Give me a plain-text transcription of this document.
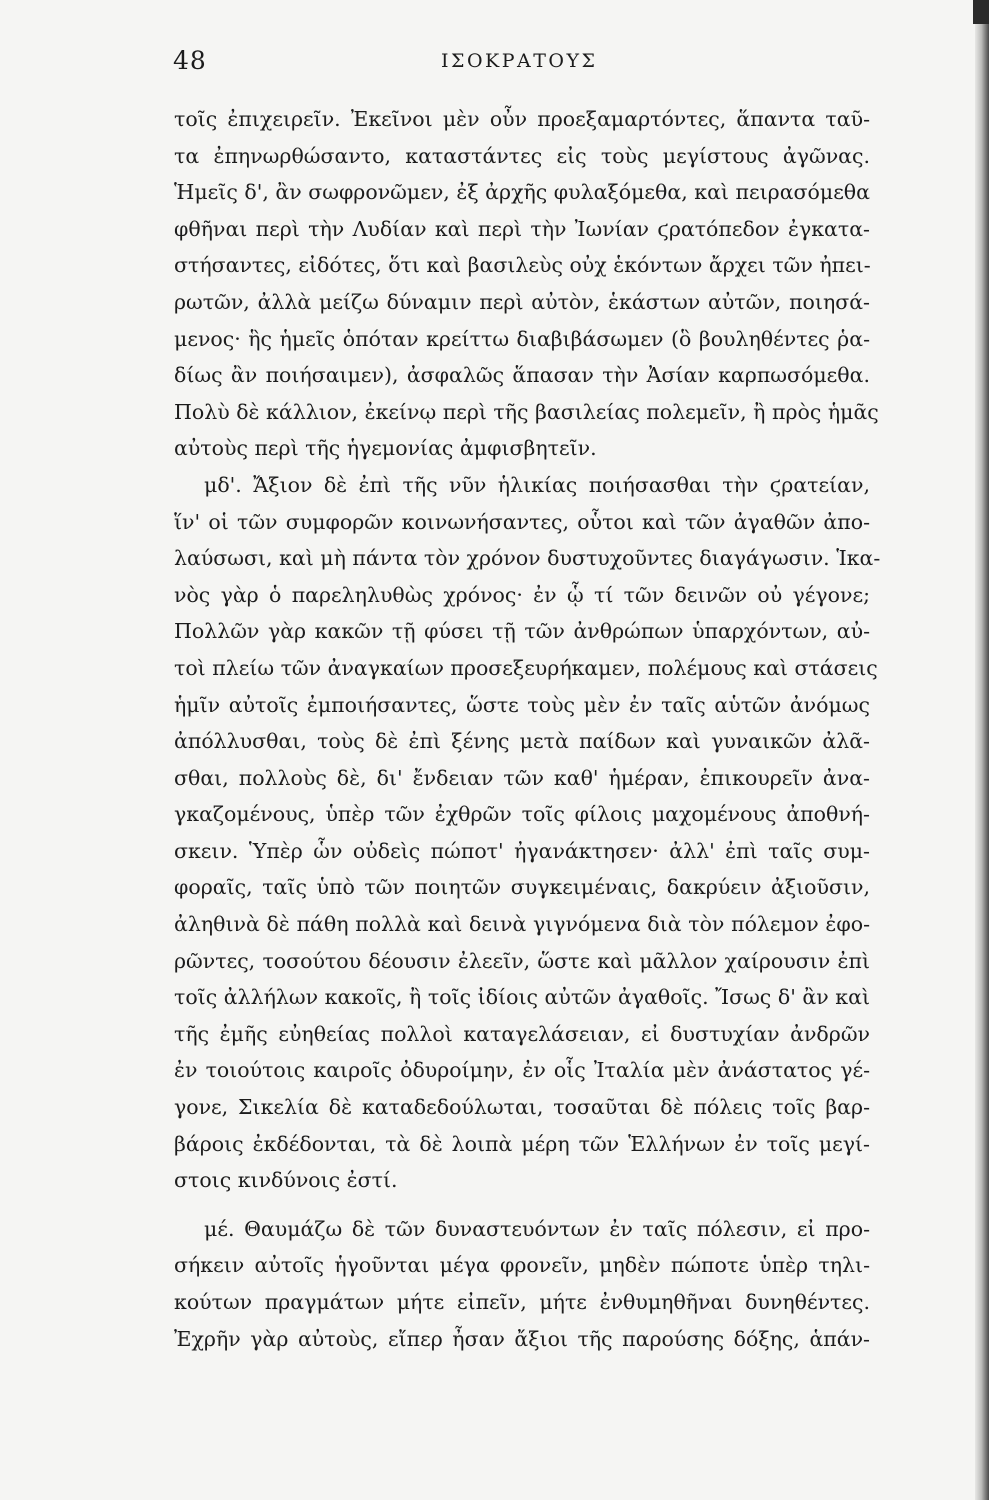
48	ΙΣΟΚΡΑΤΟΥΣ
τοῖς ἐπιχειρεῖν. Ἐκεῖνοι μὲν οὖν προεξαμαρτόντες, ἅπαντα ταῦ-
τα ἐπηνωρθώσαντο, καταστάντες εἰς τοὺς μεγίστους ἀγῶνας.
Ἡμεῖς δ', ἂν σωφρονῶμεν, ἐξ ἀρχῆς φυλαξόμεθα, καὶ πειρασόμεθα
φθῆναι περὶ τὴν Λυδίαν καὶ περὶ τὴν Ἰωνίαν ϛρατόπεδον ἐγκατα-
στήσαντες, εἰδότες, ὅτι καὶ βασιλεὺς οὐχ ἑκόντων ἄρχει τῶν ἠπει-
ρωτῶν, ἀλλὰ μείζω δύναμιν περὶ αὐτὸν, ἑκάστων αὐτῶν, ποιησά-
μενος· ἣς ἡμεῖς ὁπόταν κρείττω διαβιβάσωμεν (ὃ βουληθέντες ῥα-
δίως ἂν ποιήσαιμεν), ἀσφαλῶς ἅπασαν τὴν Ἀσίαν καρπωσόμεθα.
Πολὺ δὲ κάλλιον, ἐκείνῳ περὶ τῆς βασιλείας πολεμεῖν, ἢ πρὸς ἡμᾶς
αὐτοὺς περὶ τῆς ἡγεμονίας ἀμφισβητεῖν.
μδ'. Ἄξιον δὲ ἐπὶ τῆς νῦν ἡλικίας ποιήσασθαι τὴν ϛρατείαν,
ἵν' οἱ τῶν συμφορῶν κοινωνήσαντες, οὗτοι καὶ τῶν ἀγαθῶν ἀπο-
λαύσωσι, καὶ μὴ πάντα τὸν χρόνον δυστυχοῦντες διαγάγωσιν. Ἱκα-
νὸς γὰρ ὁ παρεληλυθὼς χρόνος· ἐν ᾧ τί τῶν δεινῶν οὐ γέγονε;
Πολλῶν γὰρ κακῶν τῇ φύσει τῇ τῶν ἀνθρώπων ὑπαρχόντων, αὐ-
τοὶ πλείω τῶν ἀναγκαίων προσεξευρήκαμεν, πολέμους καὶ στάσεις
ἡμῖν αὐτοῖς ἐμποιήσαντες, ὥστε τοὺς μὲν ἐν ταῖς αὑτῶν ἀνόμως
ἀπόλλυσθαι, τοὺς δὲ ἐπὶ ξένης μετὰ παίδων καὶ γυναικῶν ἀλᾶ-
σθαι, πολλοὺς δὲ, δι' ἔνδειαν τῶν καθ' ἡμέραν, ἐπικουρεῖν ἀνα-
γκαζομένους, ὑπὲρ τῶν ἐχθρῶν τοῖς φίλοις μαχομένους ἀποθνή-
σκειν. Ὑπὲρ ὧν οὐδεὶς πώποτ' ἠγανάκτησεν· ἀλλ' ἐπὶ ταῖς συμ-
φοραῖς, ταῖς ὑπὸ τῶν ποιητῶν συγκειμέναις, δακρύειν ἀξιοῦσιν,
ἀληθινὰ δὲ πάθη πολλὰ καὶ δεινὰ γιγνόμενα διὰ τὸν πόλεμον ἐφο-
ρῶντες, τοσούτου δέουσιν ἐλεεῖν, ὥστε καὶ μᾶλλον χαίρουσιν ἐπὶ
τοῖς ἀλλήλων κακοῖς, ἢ τοῖς ἰδίοις αὐτῶν ἀγαθοῖς. Ἴσως δ' ἂν καὶ
τῆς ἐμῆς εὐηθείας πολλοὶ καταγελάσειαν, εἰ δυστυχίαν ἀνδρῶν
ἐν τοιούτοις καιροῖς ὀδυροίμην, ἐν οἷς Ἰταλία μὲν ἀνάστατος γέ-
γονε, Σικελία δὲ καταδεδούλωται, τοσαῦται δὲ πόλεις τοῖς βαρ-
βάροις ἐκδέδονται, τὰ δὲ λοιπὰ μέρη τῶν Ἑλλήνων ἐν τοῖς μεγί-
στοις κινδύνοις ἐστί.
μέ. Θαυμάζω δὲ τῶν δυναστευόντων ἐν ταῖς πόλεσιν, εἰ προ-
σήκειν αὐτοῖς ἡγοῦνται μέγα φρονεῖν, μηδὲν πώποτε ὑπὲρ τηλι-
κούτων πραγμάτων μήτε εἰπεῖν, μήτε ἐνθυμηθῆναι δυνηθέντες.
Ἐχρῆν γὰρ αὐτοὺς, εἴπερ ἦσαν ἄξιοι τῆς παρούσης δόξης, ἁπάν-
